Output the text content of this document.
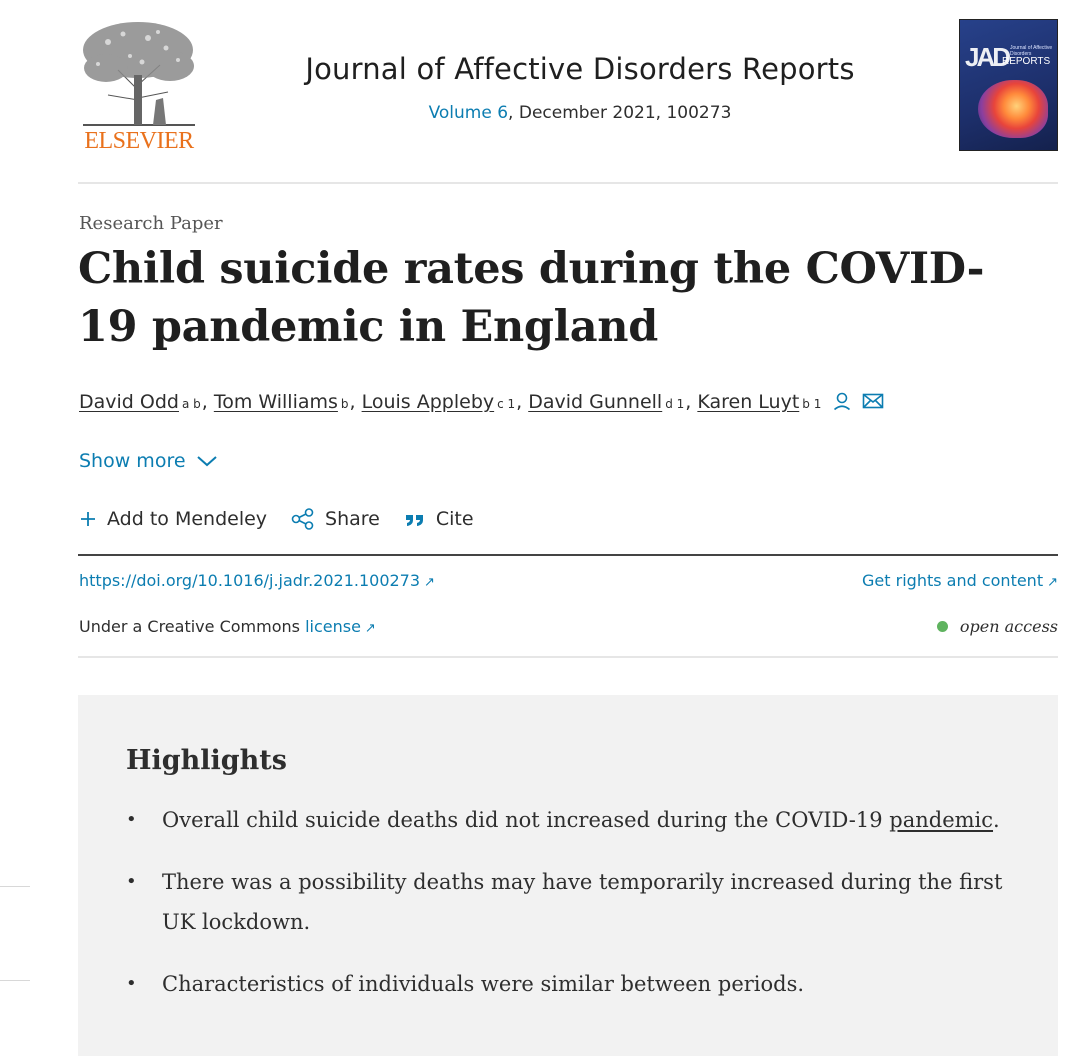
ELSEVIER
Journal of Affective Disorders Reports
Volume 6, December 2021, 100273
JAD Journal of Affective Disorders
REPORTS
Research Paper
Child suicide rates during the COVID-19 pandemic in England
David Odd a b , Tom Williams b , Louis Appleby c 1 , David Gunnell d 1 , Karen Luyt b 1
Show more
Add to Mendeley	Share	Cite
https://doi.org/10.1016/j.jadr.2021.100273 ↗	Get rights and content ↗
Under a Creative Commons license ↗	open access
Highlights
• Overall child suicide deaths did not increased during the COVID-19 pandemic.
• There was a possibility deaths may have temporarily increased during the first UK lockdown.
• Characteristics of individuals were similar between periods.
